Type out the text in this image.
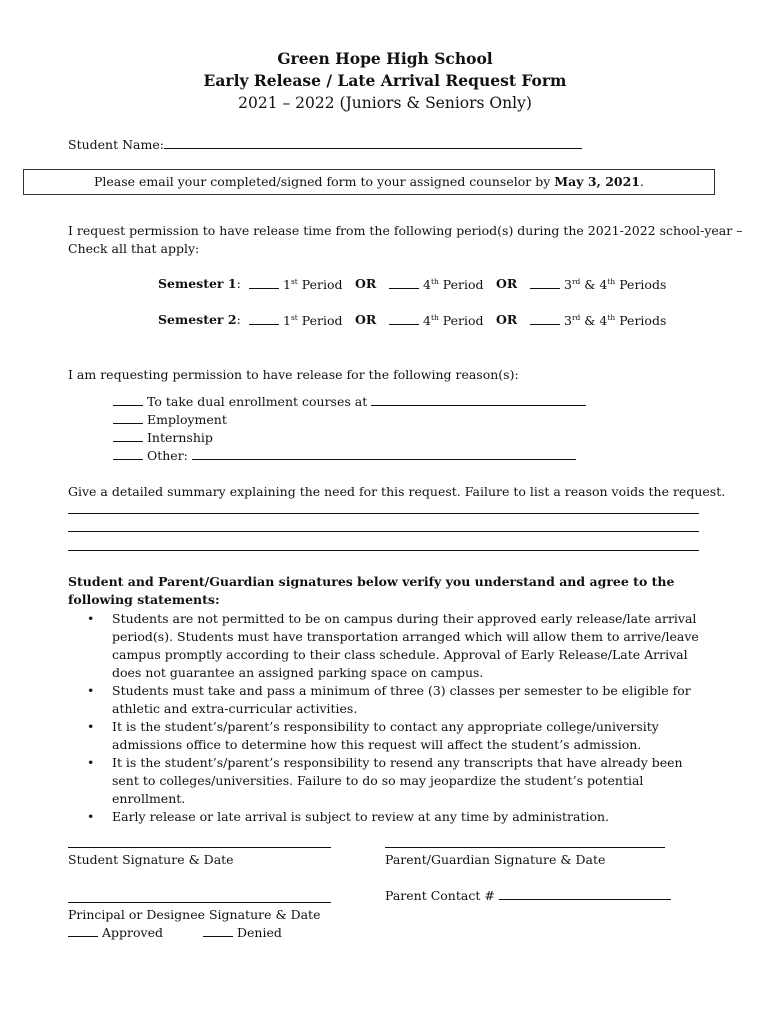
Green Hope High School
Early Release / Late Arrival Request Form
2021 – 2022 (Juniors & Seniors Only)
Student Name:
Please email your completed/signed form to your assigned counselor by May 3, 2021.
I request permission to have release time from the following period(s) during the 2021-2022 school-year –
Check all that apply:
Semester 1:	1st Period OR	4th Period OR	3rd & 4th Periods
Semester 2:	1st Period OR	4th Period OR	3rd & 4th Periods
I am requesting permission to have release for the following reason(s):
To take dual enrollment courses at
Employment
Internship
Other:
Give a detailed summary explaining the need for this request. Failure to list a reason voids the request.
Student and Parent/Guardian signatures below verify you understand and agree to the following statements:
• Students are not permitted to be on campus during their approved early release/late arrival period(s). Students must have transportation arranged which will allow them to arrive/leave campus promptly according to their class schedule. Approval of Early Release/Late Arrival does not guarantee an assigned parking space on campus.
• Students must take and pass a minimum of three (3) classes per semester to be eligible for athletic and extra-curricular activities.
• It is the student’s/parent’s responsibility to contact any appropriate college/university admissions office to determine how this request will affect the student’s admission.
• It is the student’s/parent’s responsibility to resend any transcripts that have already been sent to colleges/universities. Failure to do so may jeopardize the student’s potential enrollment.
• Early release or late arrival is subject to review at any time by administration.
Student Signature & Date	Parent/Guardian Signature & Date
Parent Contact #
Principal or Designee Signature & Date
Approved	Denied
